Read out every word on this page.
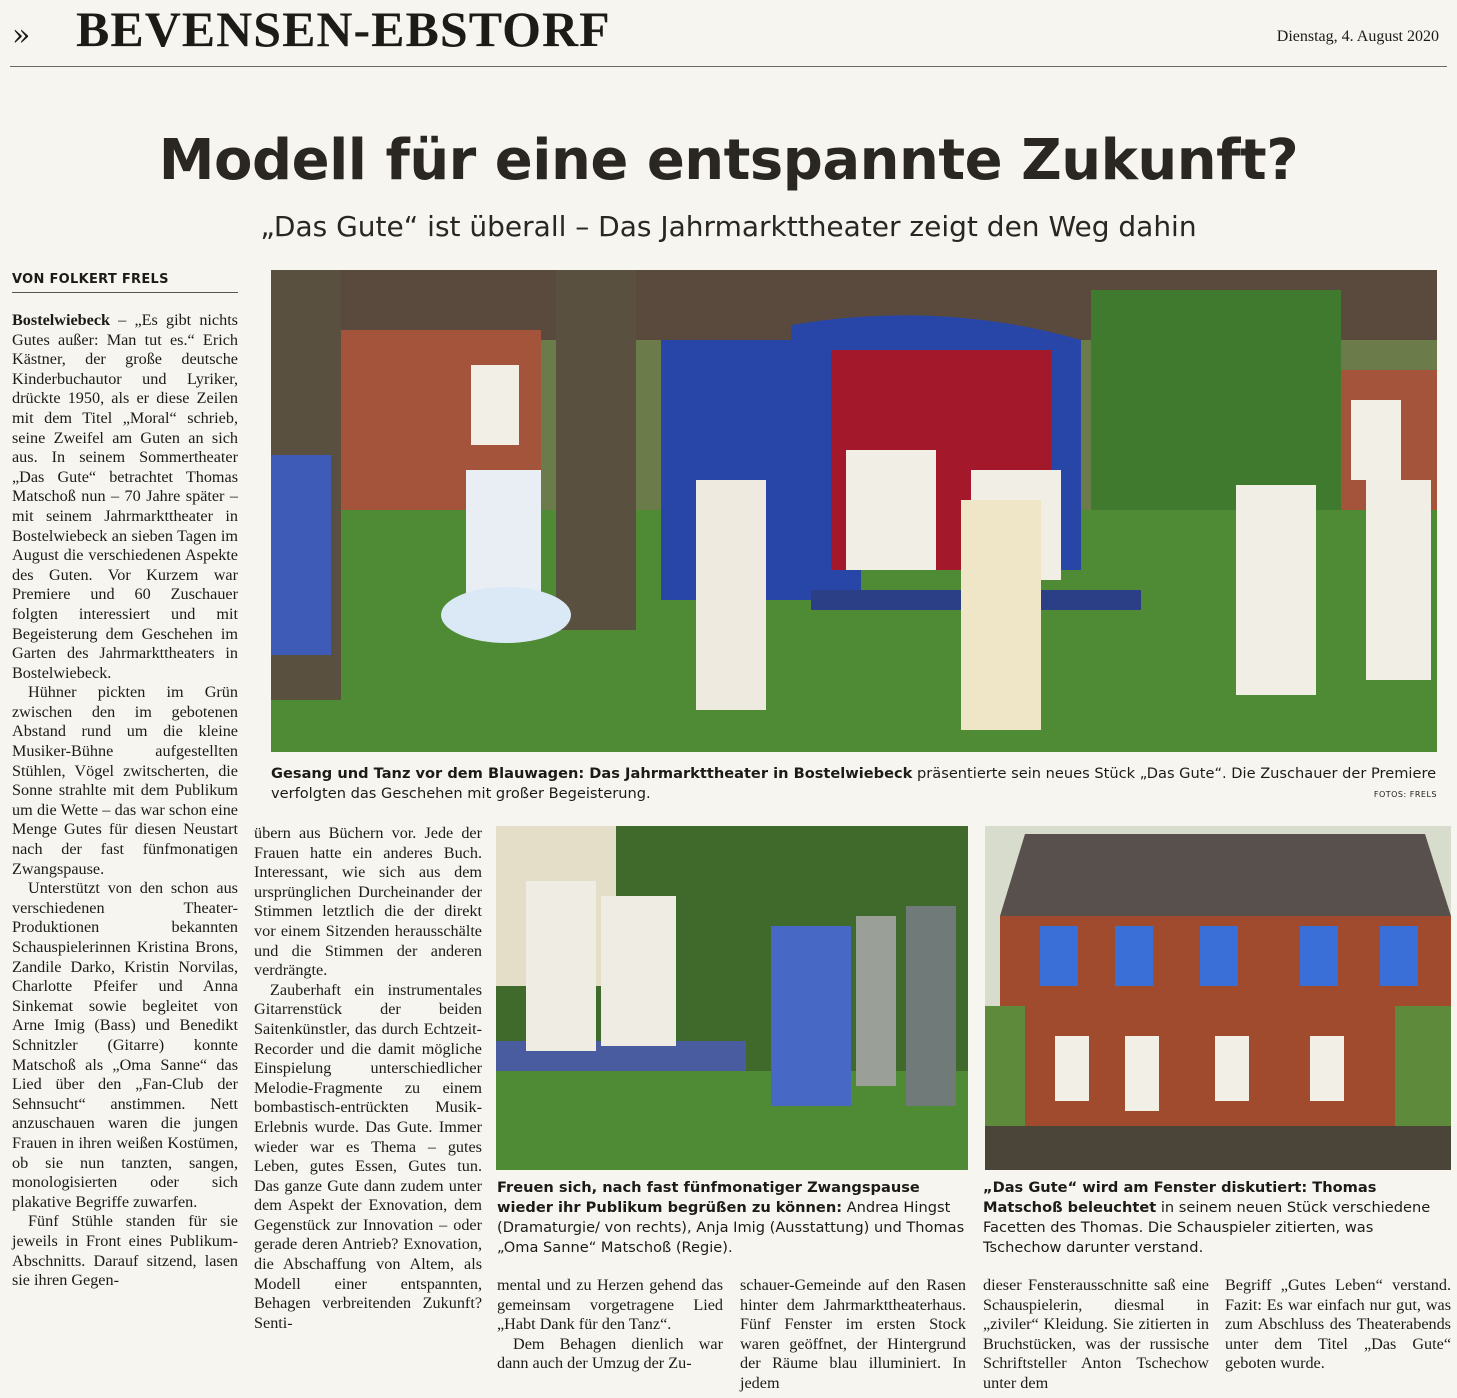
» BEVENSEN-EBSTORF	Dienstag, 4. August 2020
Modell für eine entspannte Zukunft?
„Das Gute“ ist überall – Das Jahrmarkttheater zeigt den Weg dahin
VON FOLKERT FRELS

Bostelwiebeck – „Es gibt nichts Gutes außer: Man tut es.“ Erich Kästner, der große deutsche Kinderbuchautor und Lyriker, drückte 1950, als er diese Zeilen mit dem Titel „Moral“ schrieb, seine Zweifel am Guten an sich aus. In seinem Sommertheater „Das Gute“ betrachtet Thomas Matschoß nun – 70 Jahre später – mit seinem Jahrmarkttheater in Bostelwiebeck an sieben Tagen im August die verschiedenen Aspekte des Guten. Vor Kurzem war Premiere und 60 Zuschauer folgten interessiert und mit Begeisterung dem Geschehen im Garten des Jahrmarkttheaters in Bostelwiebeck.

Hühner pickten im Grün zwischen den im gebotenen Abstand rund um die kleine Musiker-Bühne aufgestellten Stühlen, Vögel zwitscherten, die Sonne strahlte mit dem Publikum um die Wette – das war schon eine Menge Gutes für diesen Neustart nach der fast fünfmonatigen Zwangspause.

Unterstützt von den schon aus verschiedenen Theater-Produktionen bekannten Schauspielerinnen Kristina Brons, Zandile Darko, Kristin Norvilas, Charlotte Pfeifer und Anna Sinkemat sowie begleitet von Arne Imig (Bass) und Benedikt Schnitzler (Gitarre) konnte Matschoß als „Oma Sanne“ das Lied über den „Fan-Club der Sehnsucht“ anstimmen. Nett anzuschauen waren die jungen Frauen in ihren weißen Kostümen, ob sie nun tanzten, sangen, monologisierten oder sich plakative Begriffe zuwarfen.

Fünf Stühle standen für sie jeweils in Front eines Publikum-Abschnitts. Darauf sitzend, lasen sie ihren Gegen-

Gesang und Tanz vor dem Blauwagen: Das Jahrmarkttheater in Bostelwiebeck präsentierte sein neues Stück „Das Gute“. Die Zuschauer der Premiere verfolgten das Geschehen mit großer Begeisterung.	FOTOS: FRELS

übern aus Büchern vor. Jede der Frauen hatte ein anderes Buch. Interessant, wie sich aus dem ursprünglichen Durcheinander der Stimmen letztlich die der direkt vor einem Sitzenden herausschälte und die Stimmen der anderen verdrängte.

Zauberhaft ein instrumentales Gitarrenstück der beiden Saitenkünstler, das durch Echtzeit-Recorder und die damit mögliche Einspielung unterschiedlicher Melodie-Fragmente zu einem bombastisch-entrückten Musik-Erlebnis wurde. Das Gute. Immer wieder war es Thema – gutes Leben, gutes Essen, Gutes tun. Das ganze Gute dann zudem unter dem Aspekt der Exnovation, dem Gegenstück zur Innovation – oder gerade deren Antrieb? Exnovation, die Abschaffung von Altem, als Modell einer entspannten, Behagen verbreitenden Zukunft? Senti-

Freuen sich, nach fast fünfmonatiger Zwangspause wieder ihr Publikum begrüßen zu können: Andrea Hingst (Dramaturgie/ von rechts), Anja Imig (Ausstattung) und Thomas „Oma Sanne“ Matschoß (Regie).
„Das Gute“ wird am Fenster diskutiert: Thomas Matschoß beleuchtet in seinem neuen Stück verschiedene Facetten des Thomas. Die Schauspieler zitierten, was Tschechow darunter verstand.

mental und zu Herzen gehend das gemeinsam vorgetragene Lied „Habt Dank für den Tanz“.

Dem Behagen dienlich war dann auch der Umzug der Zu-

schauer-Gemeinde auf den Rasen hinter dem Jahrmarkttheaterhaus. Fünf Fenster im ersten Stock waren geöffnet, der Hintergrund der Räume blau illuminiert. In jedem

dieser Fensterausschnitte saß eine Schauspielerin, diesmal in „ziviler“ Kleidung. Sie zitierten in Bruchstücken, was der russische Schriftsteller Anton Tschechow unter dem

Begriff „Gutes Leben“ verstand. Fazit: Es war einfach nur gut, was zum Abschluss des Theaterabends unter dem Titel „Das Gute“ geboten wurde.
